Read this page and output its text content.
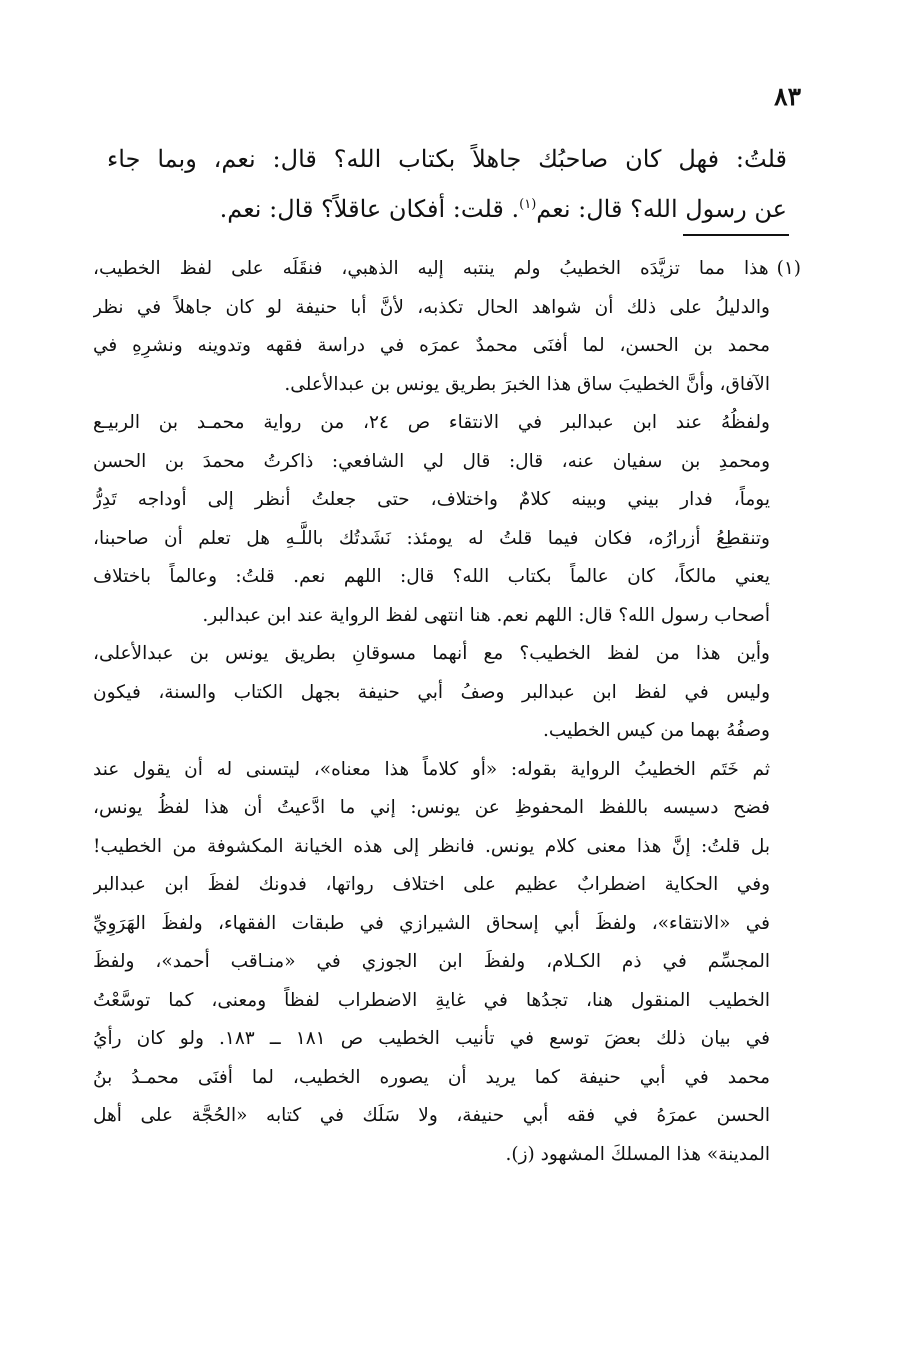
٨٣
قلتُ: فهل كان صاحبُك جاهلاً بكتاب الله؟ قال: نعم، وبما جاء
عن رسول الله؟ قال: نعم$^{(١)}$. قلت: أفكان عاقلاً؟ قال: نعم.
(١)هذا مما تزيَّدَه الخطيبُ ولم ينتبه إليه الذهبي، فنقَلَه على لفظ الخطيب،
والدليلُ على ذلك أن شواهد الحال تكذبه، لأنَّ أبا حنيفة لو كان جاهلاً في نظر
محمد بن الحسن، لما أفنَى محمدٌ عمرَه في دراسة فقهه وتدوينه ونشرِهِ في
الآفاق، وأنَّ الخطيبَ ساق هذا الخبرَ بطريق يونس بن عبدالأعلى.
ولفظُهُ عند ابن عبدالبر في الانتقاء ص ٢٤، من رواية محمـد بن الربيـع
ومحمدِ بن سفيان عنه، قال: قال لي الشافعي: ذاكرتُ محمدَ بن الحسن
يوماً، فدار بيني وبينه كلامٌ واختلاف، حتى جعلتُ أنظر إلى أوداجه تَدِرُّ
وتنقطِعُ أزرارُه، فكان فيما قلتُ له يومئذ: نَشَدتُك باللَّـهِ هل تعلم أن صاحبنا،
يعني مالكاً، كان عالماً بكتاب الله؟ قال: اللهم نعم. قلتُ: وعالماً باختلاف
أصحاب رسول الله؟ قال: اللهم نعم. هنا انتهى لفظ الرواية عند ابن عبدالبر.
وأين هذا من لفظ الخطيب؟ مع أنهما مسوقانِ بطريق يونس بن عبدالأعلى،
وليس في لفظ ابن عبدالبر وصفُ أبي حنيفة بجهل الكتاب والسنة، فيكون
وصفُهُ بهما من كيس الخطيب.
ثم خَتَم الخطيبُ الرواية بقوله: «أو كلاماً هذا معناه»، ليتسنى له أن يقول عند
فضح دسيسه باللفظ المحفوظِ عن يونس: إني ما ادَّعيتُ أن هذا لفظُ يونس،
بل قلتُ: إنَّ هذا معنى كلام يونس. فانظر إلى هذه الخيانة المكشوفة من الخطيب!
وفي الحكاية اضطرابٌ عظيم على اختلاف رواتها، فدونك لفظَ ابن عبدالبر
في «الانتقاء»، ولفظَ أبي إسحاق الشيرازي في طبقات الفقهاء، ولفظَ الهَرَوِيِّ
المجسِّم في ذم الكـلام، ولفظَ ابن الجوزي في «منـاقب أحمد»، ولفظَ
الخطيب المنقول هنا، تجدُها في غايةِ الاضطراب لفظاً ومعنى، كما توسَّعْتُ
في بيان ذلك بعضَ توسع في تأنيب الخطيب ص ١٨١ ــ ١٨٣. ولو كان رأيُ
محمد في أبي حنيفة كما يريد أن يصوره الخطيب، لما أفنَى محمـدُ بنُ
الحسن عمرَهُ في فقه أبي حنيفة، ولا سَلَك في كتابه «الحُجَّة على أهل
المدينة» هذا المسلكَ المشهود (ز).
